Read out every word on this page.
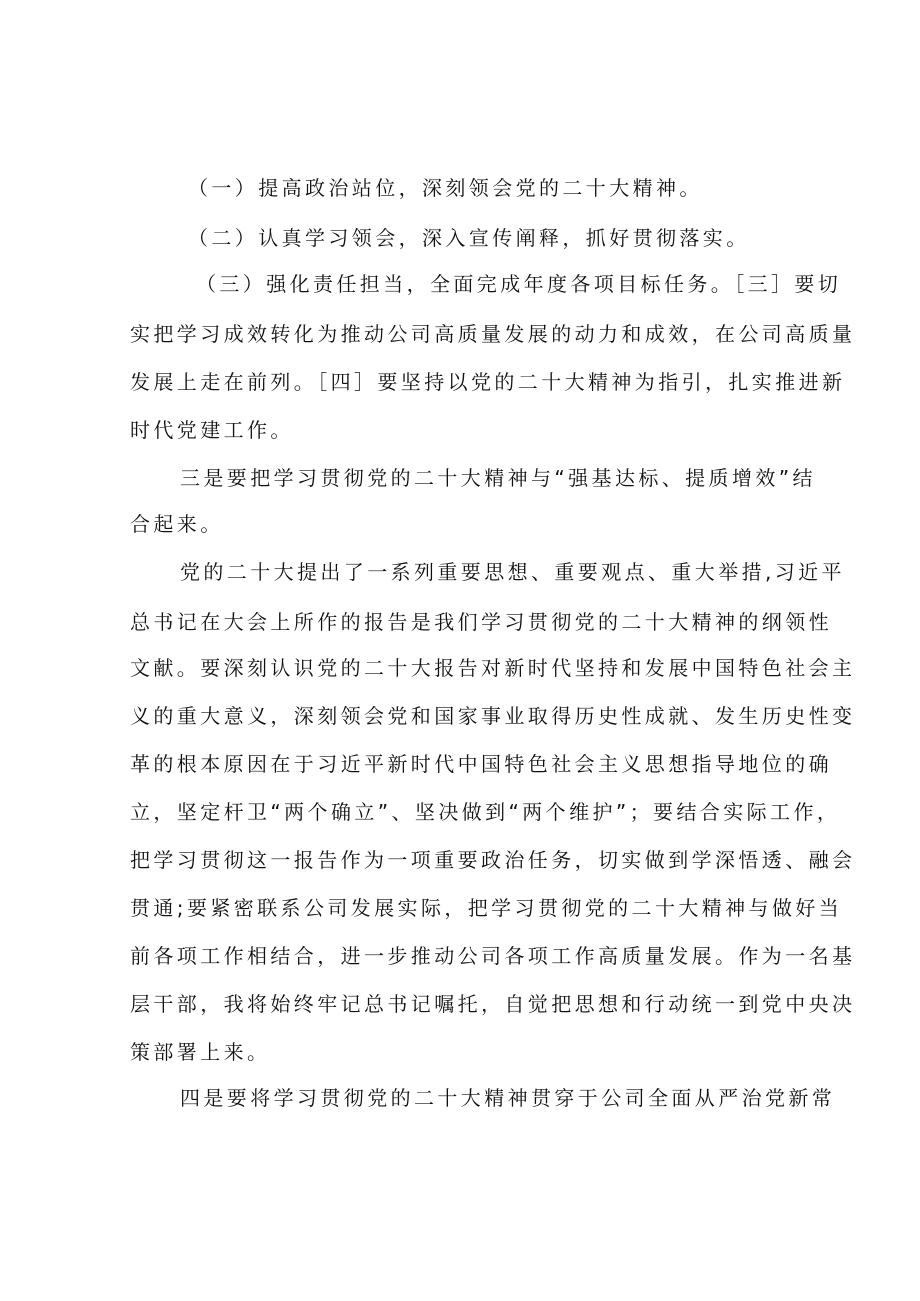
（一）提高政治站位，深刻领会党的二十大精神。
（二）认真学习领会，深入宣传阐释，抓好贯彻落实。
（三）强化责任担当，全面完成年度各项目标任务。［三］要切
实把学习成效转化为推动公司高质量发展的动力和成效，在公司高质量
发展上走在前列。［四］要坚持以党的二十大精神为指引，扎实推进新
时代党建工作。
三是要把学习贯彻党的二十大精神与“强基达标、提质增效”结
合起来。
党的二十大提出了一系列重要思想、重要观点、重大举措,习近平
总书记在大会上所作的报告是我们学习贯彻党的二十大精神的纲领性
文献。要深刻认识党的二十大报告对新时代坚持和发展中国特色社会主
义的重大意义，深刻领会党和国家事业取得历史性成就、发生历史性变
革的根本原因在于习近平新时代中国特色社会主义思想指导地位的确
立，坚定杆卫“两个确立”、坚决做到“两个维护”；要结合实际工作，
把学习贯彻这一报告作为一项重要政治任务，切实做到学深悟透、融会
贯通;要紧密联系公司发展实际，把学习贯彻党的二十大精神与做好当
前各项工作相结合，进一步推动公司各项工作高质量发展。作为一名基
层干部，我将始终牢记总书记嘱托，自觉把思想和行动统一到党中央决
策部署上来。
四是要将学习贯彻党的二十大精神贯穿于公司全面从严治党新常
